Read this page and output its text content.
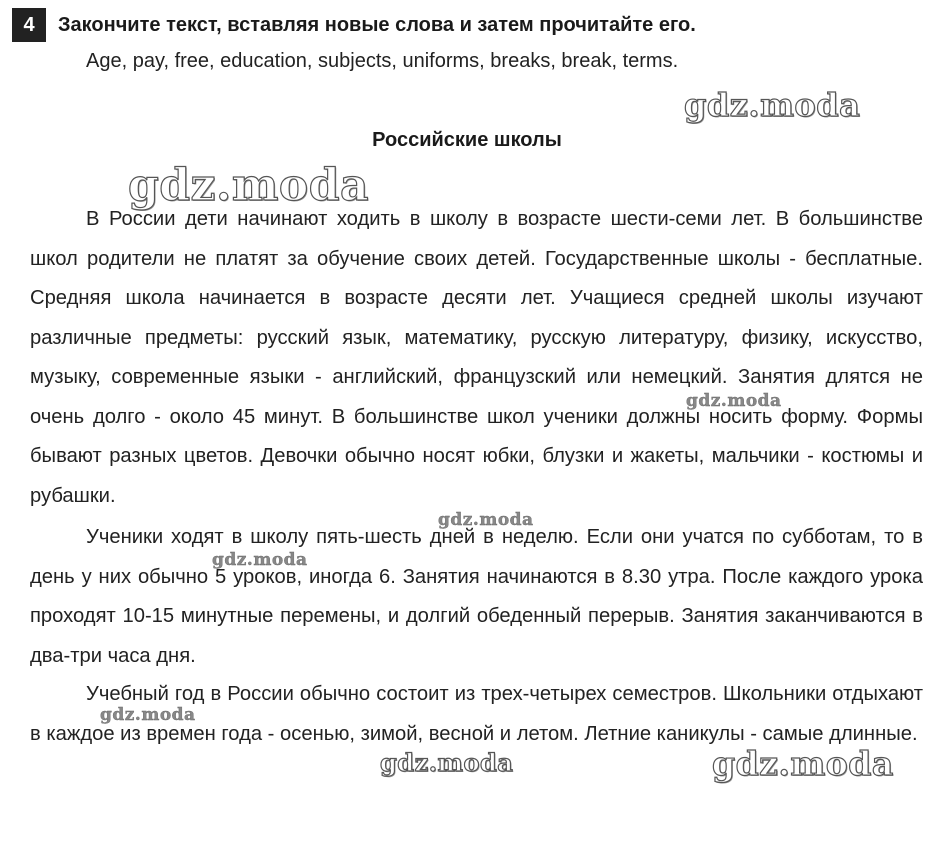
4	Закончите текст, вставляя новые слова и затем прочитайте его.
Age, pay, free, education, subjects, uniforms, breaks, break, terms.
Российские школы

В России дети начинают ходить в школу в возрасте шести-семи лет. В большинстве школ родители не платят за обучение своих детей. Государственные школы - бесплатные. Средняя школа начинается в возрасте десяти лет. Учащиеся средней школы изучают различные предметы: русский язык, математику, русскую литературу, физику, искусство, музыку, современные языки - английский, французский или немецкий. Занятия длятся не очень долго - около 45 минут. В большинстве школ ученики должны носить форму. Формы бывают разных цветов. Девочки обычно носят юбки, блузки и жакеты, мальчики - костюмы и рубашки.

Ученики ходят в школу пять-шесть дней в неделю. Если они учатся по субботам, то в день у них обычно 5 уроков, иногда 6. Занятия начинаются в 8.30 утра. После каждого урока проходят 10-15 минутные перемены, и долгий обеденный перерыв. Занятия заканчиваются в два-три часа дня.

Учебный год в России обычно состоит из трех-четырех семестров. Школьники отдыхают в каждое из времен года - осенью, зимой, весной и летом. Летние каникулы - самые длинные.

gdz.moda
gdz.moda
gdz.moda
gdz.moda
gdz.moda
gdz.moda
gdz.moda	gdz.moda
